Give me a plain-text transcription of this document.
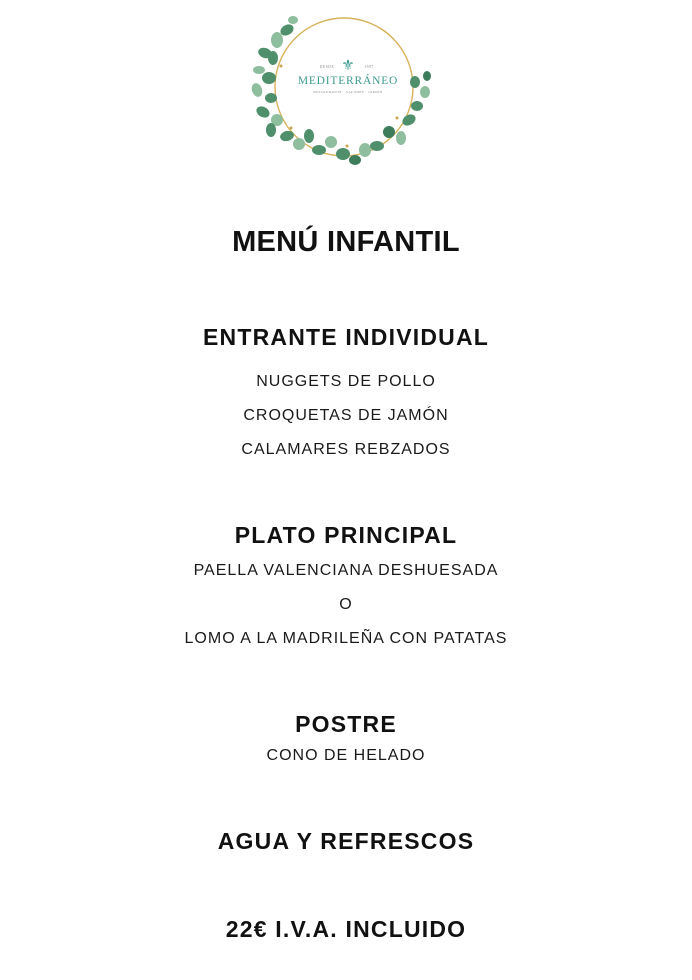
⚜
DESDE	1987
MEDITERRÁNEO
RESTAURANTE · SALONES · JARDÍN
MENÚ INFANTIL
ENTRANTE INDIVIDUAL
NUGGETS DE POLLO
CROQUETAS DE JAMÓN
CALAMARES REBZADOS
PLATO PRINCIPAL
PAELLA VALENCIANA DESHUESADA
O
LOMO A LA MADRILEÑA CON PATATAS
POSTRE
CONO DE HELADO
AGUA Y REFRESCOS
22€ I.V.A. INCLUIDO
